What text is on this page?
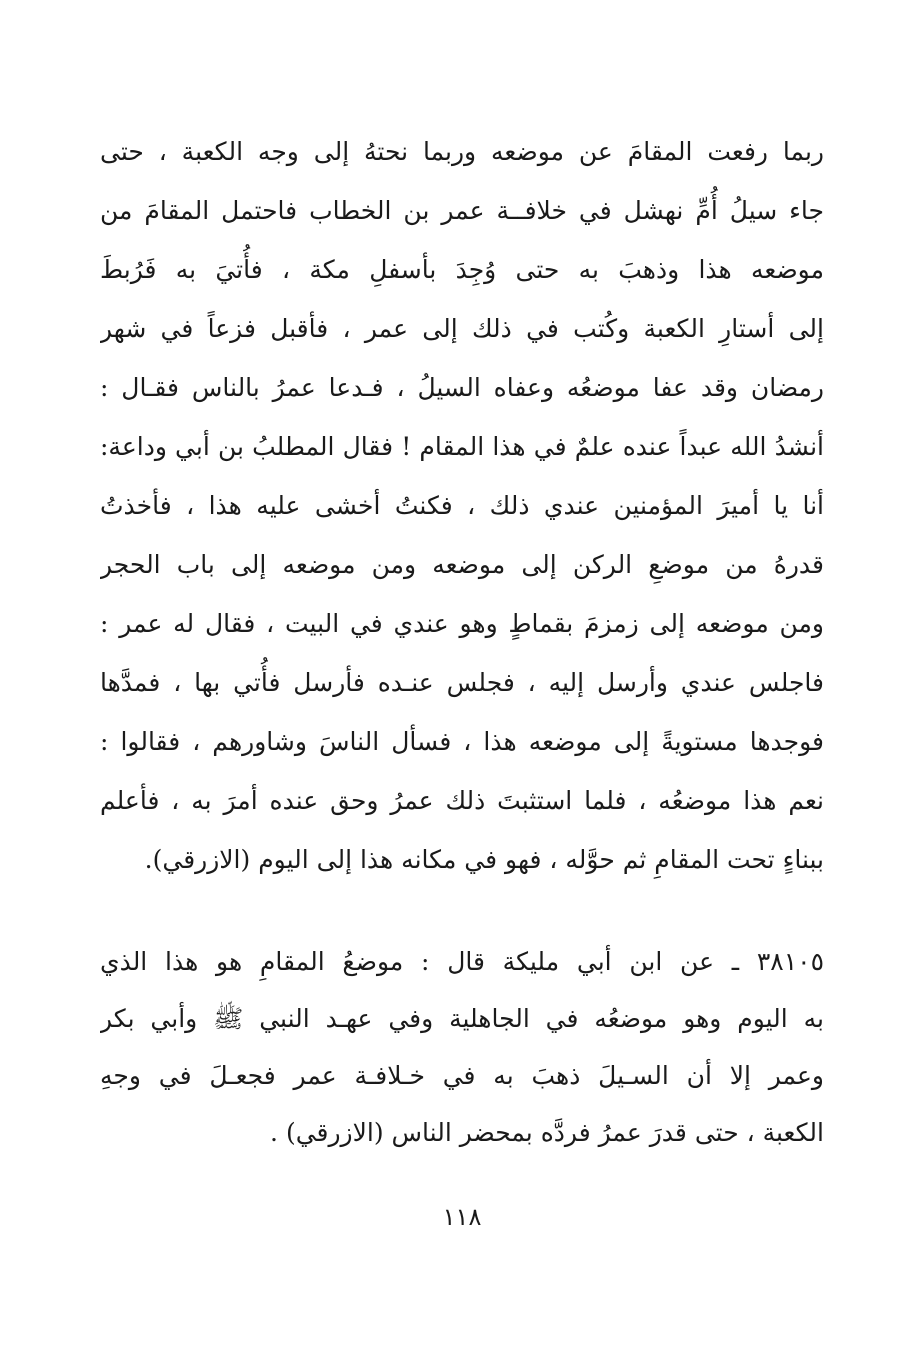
ربما رفعت المقامَ عن موضعه وربما نحتهُ إلى وجه الكعبة ، حتى
جاء سيلُ أُمِّ نهشل في خلافــة عمر بن الخطاب فاحتمل المقامَ من
موضعه هذا وذهبَ به حتى وُجِدَ بأسفلِ مكة ، فأُتيَ به فَرُبطَ
إلى أستارِ الكعبة وكُتب في ذلك إلى عمر ، فأقبل فزعاً في شهر
رمضان وقد عفا موضعُه وعفاه السيلُ ، فـدعا عمرُ بالناس فقـال :
أنشدُ الله عبداً عنده علمٌ في هذا المقام ! فقال المطلبُ بن أبي وداعة:
أنا يا أميرَ المؤمنين عندي ذلك ، فكنتُ أخشى عليه هذا ، فأخذتُ
قدرهُ من موضعِ الركن إلى موضعه ومن موضعه إلى باب الحجر
ومن موضعه إلى زمزمَ بقماطٍ وهو عندي في البيت ، فقال له عمر :
فاجلس عندي وأرسل إليه ، فجلس عنـده فأرسل فأُتي بها ، فمدَّها
فوجدها مستويةً إلى موضعه هذا ، فسأل الناسَ وشاورهم ، فقالوا :
نعم هذا موضعُه ، فلما استثبتَ ذلك عمرُ وحق عنده أمرَ به ، فأعلم
ببناءٍ تحت المقامِ ثم حوَّله ، فهو في مكانه هذا إلى اليوم (الازرقي).
٣٨١٠٥ ـ عن ابن أبي مليكة قال : موضعُ المقامِ هو هذا الذي
به اليوم وهو موضعُه في الجاهلية وفي عهـد النبي ﷺ وأبي بكر
وعمر إلا أن السـيلَ ذهبَ به في خـلافـة عمر فجعـلَ في وجهِ
الكعبة ، حتى قدرَ عمرُ فردَّه بمحضر الناس (الازرقي) .
١١٨
